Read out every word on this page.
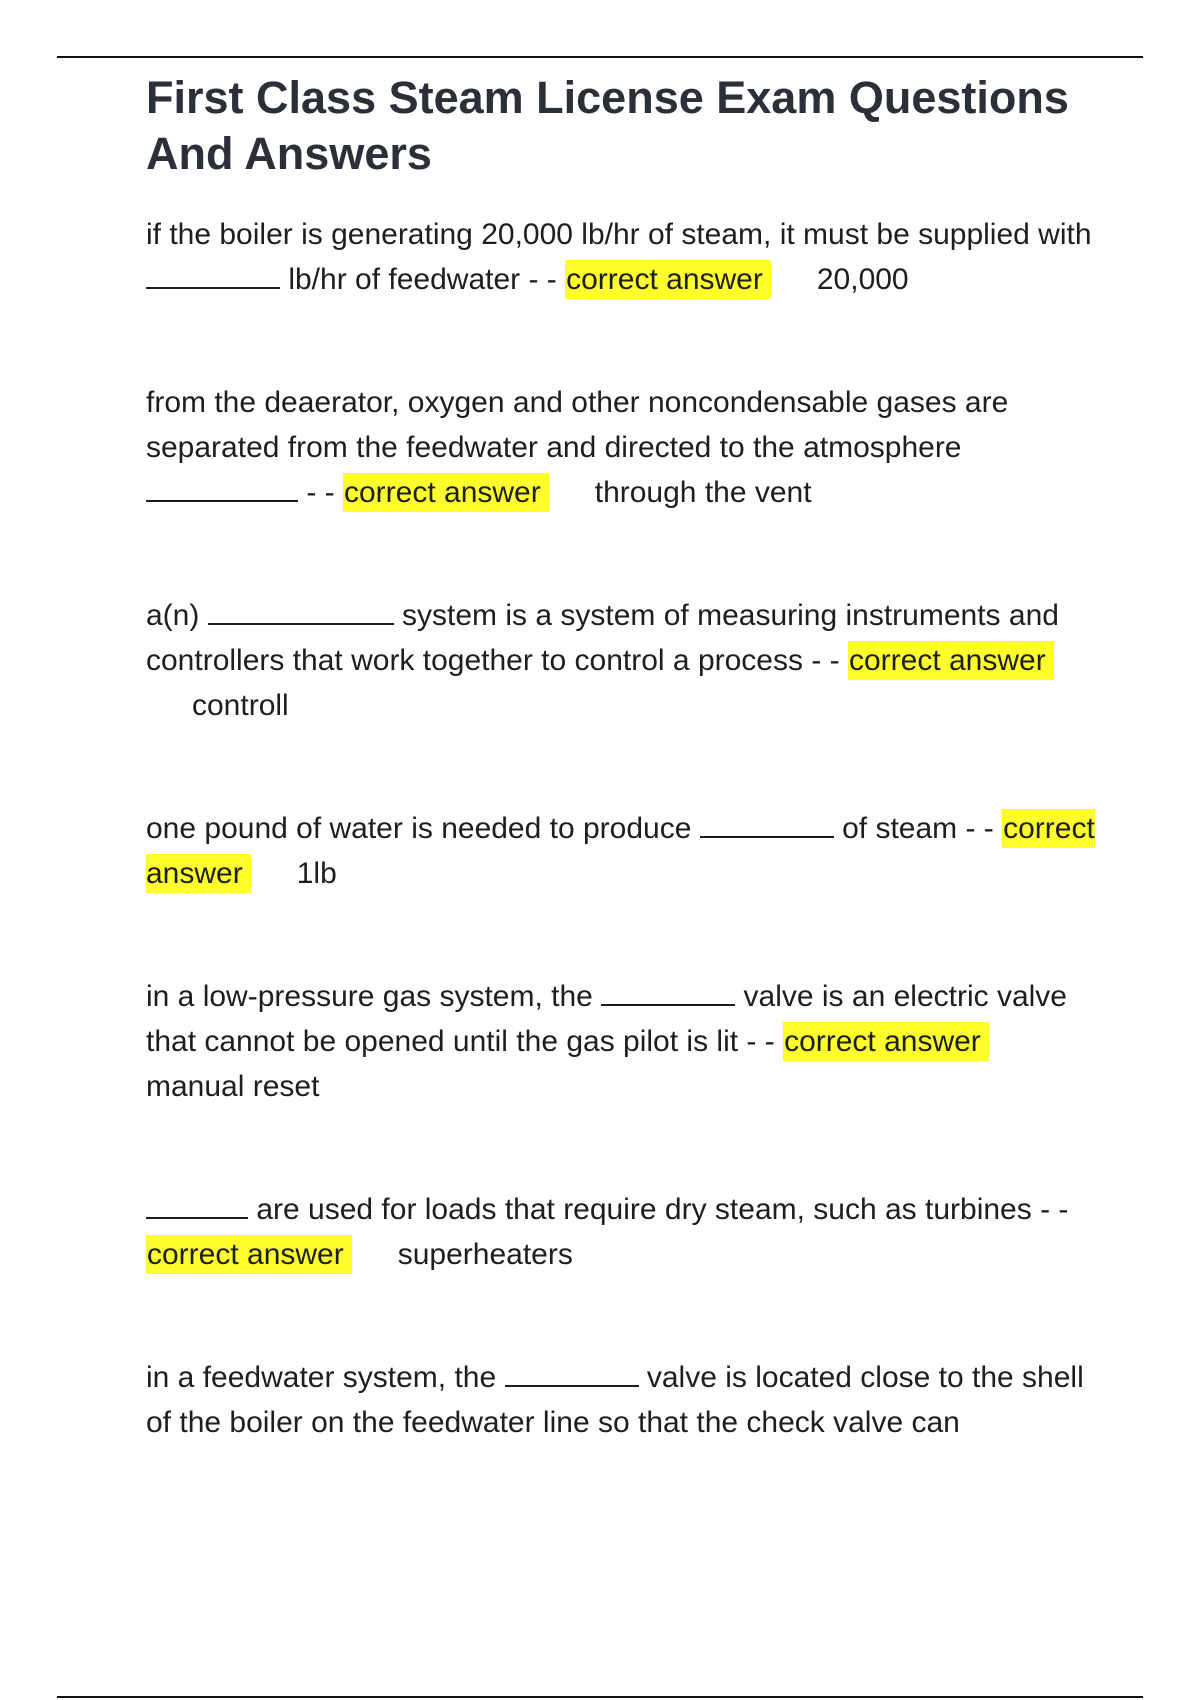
First Class Steam License Exam Questions And Answers

if the boiler is generating 20,000 lb/hr of steam, it must be supplied with  lb/hr of feedwater - - correct answer 20,000

from the deaerator, oxygen and other noncondensable gases are separated from the feedwater and directed to the atmosphere  - - correct answer through the vent

a(n)	system is a system of measuring instruments and controllers that work together to control a process - - correct answercontroll

one pound of water is needed to produce	of steam - - correct answer 1lb

in a low-pressure gas system, the	valve is an electric valve that cannot be opened until the gas pilot is lit - - correct answermanual reset

are used for loads that require dry steam, such as turbines - - correct answer superheaters

in a feedwater system, the	valve is located close to the shell of the boiler on the feedwater line so that the check valve can
